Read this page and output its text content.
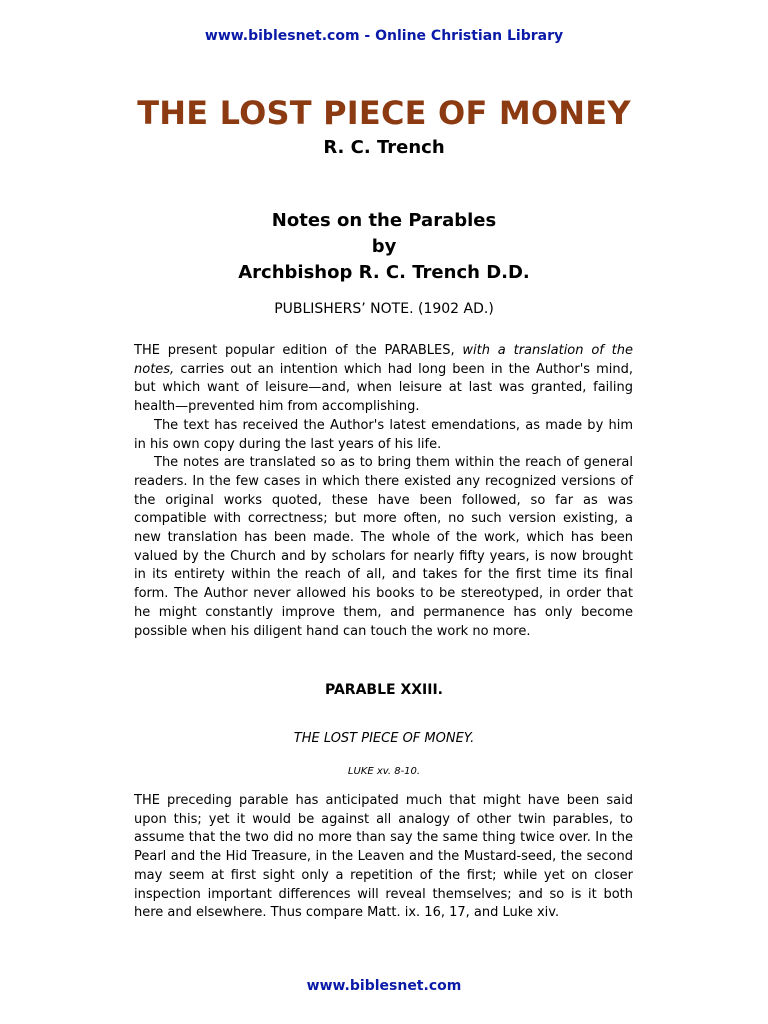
www.biblesnet.com - Online Christian Library
THE LOST PIECE OF MONEY
R. C. Trench
Notes on the Parables
by
Archbishop R. C. Trench D.D.
PUBLISHERS’ NOTE. (1902 AD.)

THE present popular edition of the PARABLES, with a translation of the notes, carries out an intention which had long been in the Author's mind, but which want of leisure—and, when leisure at last was granted, failing health—prevented him from accomplishing.

The text has received the Author's latest emendations, as made by him in his own copy during the last years of his life.

The notes are translated so as to bring them within the reach of general readers. In the few cases in which there existed any recognized versions of the original works quoted, these have been followed, so far as was compatible with correctness; but more often, no such version existing, a new translation has been made. The whole of the work, which has been valued by the Church and by scholars for nearly fifty years, is now brought in its entirety within the reach of all, and takes for the first time its final form. The Author never allowed his books to be stereotyped, in order that he might constantly improve them, and permanence has only become possible when his diligent hand can touch the work no more.

PARABLE XXIII.
THE LOST PIECE OF MONEY.
LUKE xv. 8-10.

THE preceding parable has anticipated much that might have been said upon this; yet it would be against all analogy of other twin parables, to assume that the two did no more than say the same thing twice over. In the Pearl and the Hid Treasure, in the Leaven and the Mustard-seed, the second may seem at first sight only a repetition of the first; while yet on closer inspection important differences will reveal themselves; and so is it both here and elsewhere. Thus compare Matt. ix. 16, 17, and Luke xiv.

www.biblesnet.com
